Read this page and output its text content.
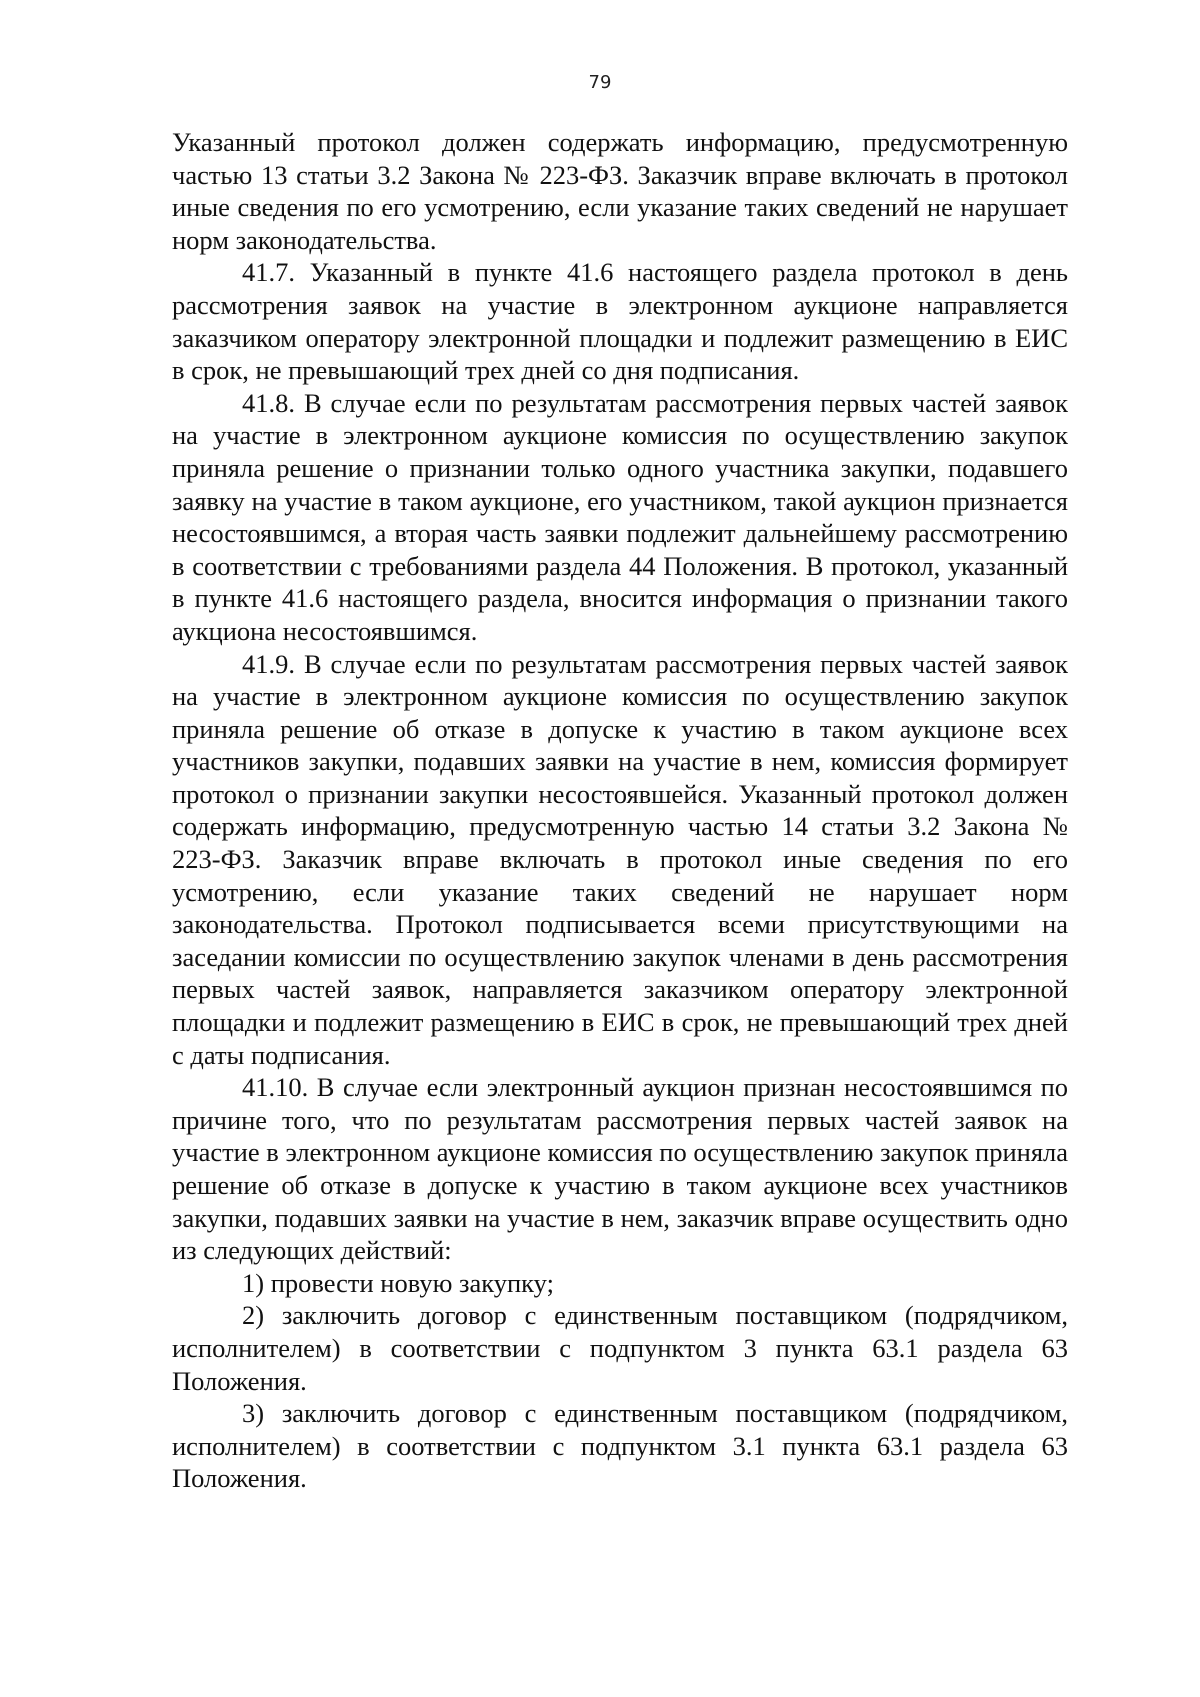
79

Указанный протокол должен содержать информацию, предусмотренную частью 13 статьи 3.2 Закона № 223-ФЗ. Заказчик вправе включать в протокол иные сведения по его усмотрению, если указание таких сведений не нарушает норм законодательства.

41.7. Указанный в пункте 41.6 настоящего раздела протокол в день рассмотрения заявок на участие в электронном аукционе направляется заказчиком оператору электронной площадки и подлежит размещению в ЕИС в срок, не превышающий трех дней со дня подписания.

41.8. В случае если по результатам рассмотрения первых частей заявок на участие в электронном аукционе комиссия по осуществлению закупок приняла решение о признании только одного участника закупки, подавшего заявку на участие в таком аукционе, его участником, такой аукцион признается несостоявшимся, а вторая часть заявки подлежит дальнейшему рассмотрению в соответствии с требованиями раздела 44 Положения. В протокол, указанный в пункте 41.6 настоящего раздела, вносится информация о признании такого аукциона несостоявшимся.

41.9. В случае если по результатам рассмотрения первых частей заявок на участие в электронном аукционе комиссия по осуществлению закупок приняла решение об отказе в допуске к участию в таком аукционе всех участников закупки, подавших заявки на участие в нем, комиссия формирует протокол о признании закупки несостоявшейся. Указанный протокол должен содержать информацию, предусмотренную частью 14 статьи 3.2 Закона № 223-ФЗ. Заказчик вправе включать в протокол иные сведения по его усмотрению, если указание таких сведений не нарушает норм законодательства. Протокол подписывается всеми присутствующими на заседании комиссии по осуществлению закупок членами в день рассмотрения первых частей заявок, направляется заказчиком оператору электронной площадки и подлежит размещению в ЕИС в срок, не превышающий трех дней с даты подписания.

41.10. В случае если электронный аукцион признан несостоявшимся по причине того, что по результатам рассмотрения первых частей заявок на участие в электронном аукционе комиссия по осуществлению закупок приняла решение об отказе в допуске к участию в таком аукционе всех участников закупки, подавших заявки на участие в нем, заказчик вправе осуществить одно из следующих действий:

1) провести новую закупку;

2) заключить договор с единственным поставщиком (подрядчиком, исполнителем) в соответствии с подпунктом 3 пункта 63.1 раздела 63 Положения.

3) заключить договор с единственным поставщиком (подрядчиком, исполнителем) в соответствии с подпунктом 3.1 пункта 63.1 раздела 63 Положения.
